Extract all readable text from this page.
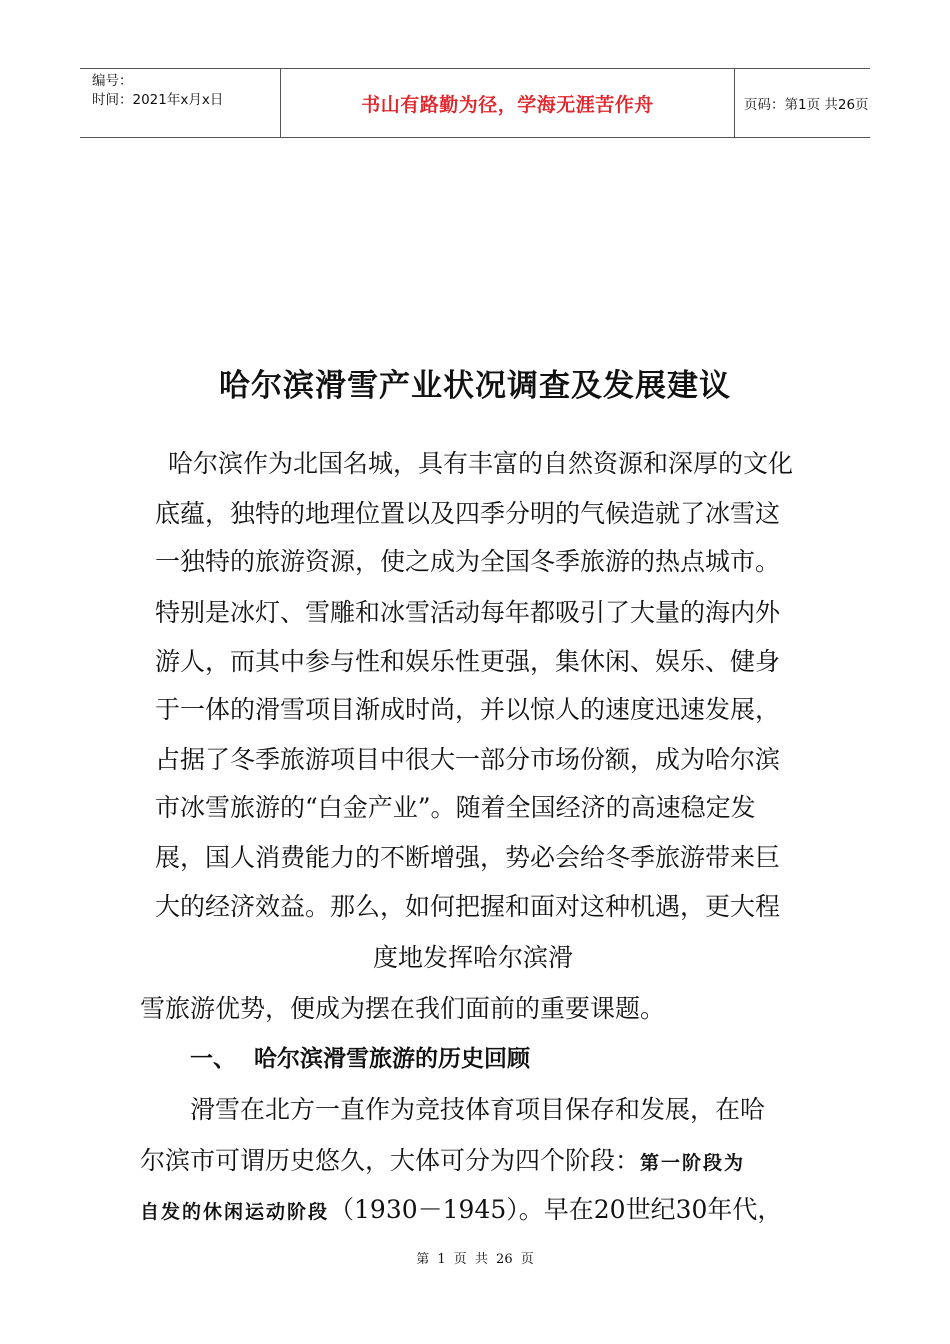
编号：
时间：2021年x月x日	书山有路勤为径，学海无涯苦作舟	页码：第1页 共26页
哈尔滨滑雪产业状况调查及发展建议
哈尔滨作为北国名城，具有丰富的自然资源和深厚的文化
底蕴，独特的地理位置以及四季分明的气候造就了冰雪这
一独特的旅游资源，使之成为全国冬季旅游的热点城市。
特别是冰灯、雪雕和冰雪活动每年都吸引了大量的海内外
游人，而其中参与性和娱乐性更强，集休闲、娱乐、健身
于一体的滑雪项目渐成时尚，并以惊人的速度迅速发展，
占据了冬季旅游项目中很大一部分市场份额，成为哈尔滨
市冰雪旅游的“白金产业”。随着全国经济的高速稳定发
展，国人消费能力的不断增强，势必会给冬季旅游带来巨
大的经济效益。那么，如何把握和面对这种机遇，更大程
度地发挥哈尔滨滑
雪旅游优势，便成为摆在我们面前的重要课题。
一、 哈尔滨滑雪旅游的历史回顾
滑雪在北方一直作为竞技体育项目保存和发展，在哈
尔滨市可谓历史悠久，大体可分为四个阶段：第一阶段为
自发的休闲运动阶段（1930－1945）。早在20世纪30年代，
第 1 页 共 26 页
